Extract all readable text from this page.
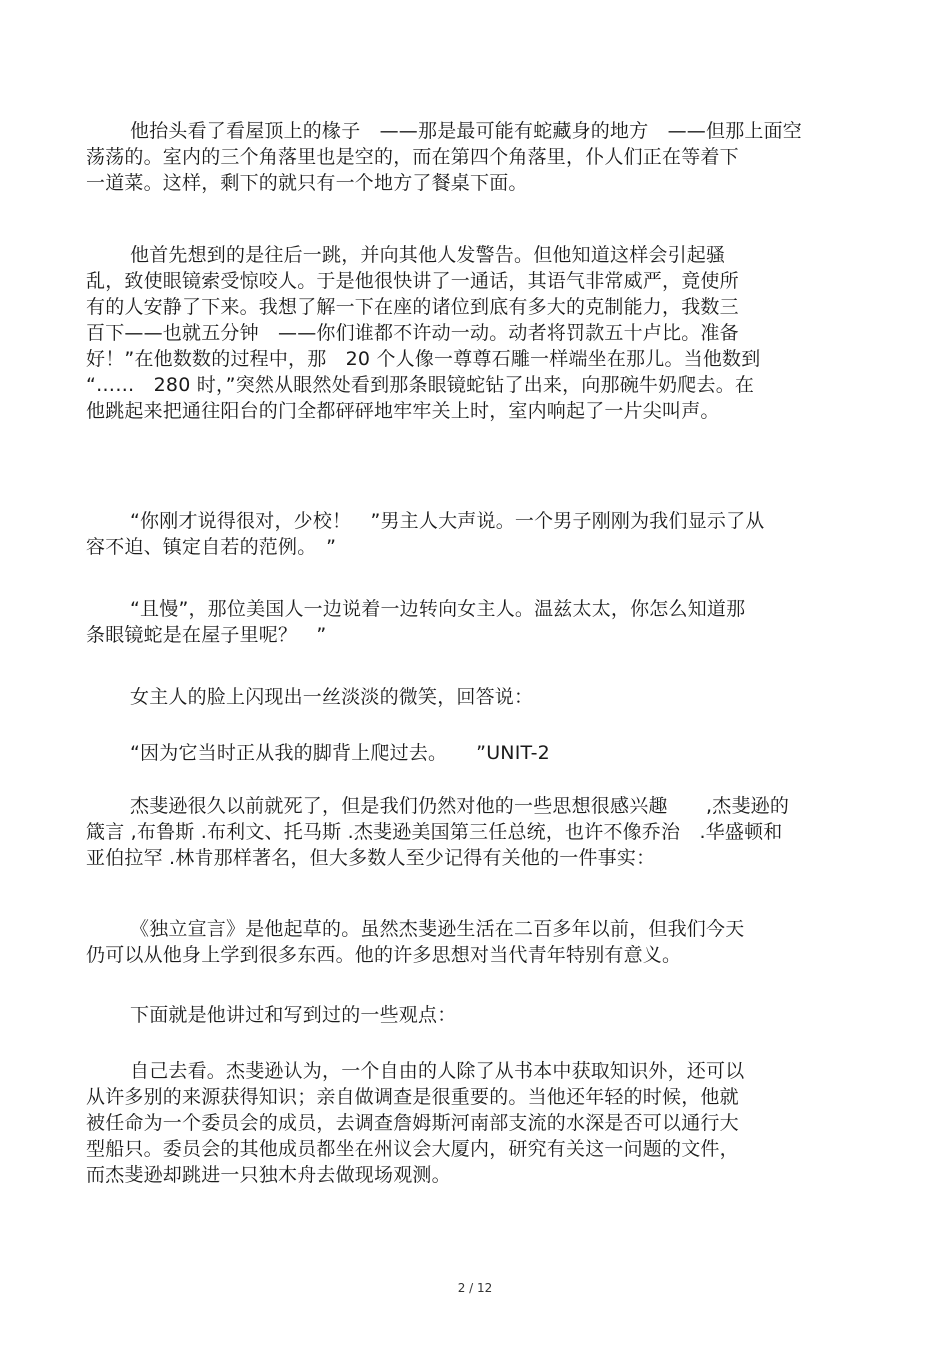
他抬头看了看屋顶上的椽子　——那是最可能有蛇藏身的地方　——但那上面空
荡荡的。室内的三个角落里也是空的，而在第四个角落里，仆人们正在等着下
一道菜。这样，剩下的就只有一个地方了餐桌下面。
他首先想到的是往后一跳，并向其他人发警告。但他知道这样会引起骚
乱，致使眼镜索受惊咬人。于是他很快讲了一通话，其语气非常威严，竟使所
有的人安静了下来。我想了解一下在座的诸位到底有多大的克制能力，我数三
百下——也就五分钟　——你们谁都不许动一动。动者将罚款五十卢比。准备
好！”在他数数的过程中，那　20 个人像一尊尊石雕一样端坐在那儿。当他数到
“……　280 时，”突然从眼然处看到那条眼镜蛇钻了出来，向那碗牛奶爬去。在
他跳起来把通往阳台的门全都砰砰地牢牢关上时，室内响起了一片尖叫声。
“你刚才说得很对，少校！　”男主人大声说。一个男子刚刚为我们显示了从
容不迫、镇定自若的范例。　”
“且慢”，那位美国人一边说着一边转向女主人。温兹太太，你怎么知道那
条眼镜蛇是在屋子里呢？　”
女主人的脸上闪现出一丝淡淡的微笑，回答说：
“因为它当时正从我的脚背上爬过去。　　”UNIT-2
杰斐逊很久以前就死了，但是我们仍然对他的一些思想很感兴趣　　,杰斐逊的
箴言 ,布鲁斯 .布利文、托马斯 .杰斐逊美国第三任总统，也许不像乔治　.华盛顿和
亚伯拉罕 .林肯那样著名，但大多数人至少记得有关他的一件事实：
《独立宣言》是他起草的。虽然杰斐逊生活在二百多年以前，但我们今天
仍可以从他身上学到很多东西。他的许多思想对当代青年特别有意义。
下面就是他讲过和写到过的一些观点：
自己去看。杰斐逊认为，一个自由的人除了从书本中获取知识外，还可以
从许多别的来源获得知识；亲自做调查是很重要的。当他还年轻的时候，他就
被任命为一个委员会的成员，去调查詹姆斯河南部支流的水深是否可以通行大
型船只。委员会的其他成员都坐在州议会大厦内，研究有关这一问题的文件，
而杰斐逊却跳进一只独木舟去做现场观测。
2 / 12
